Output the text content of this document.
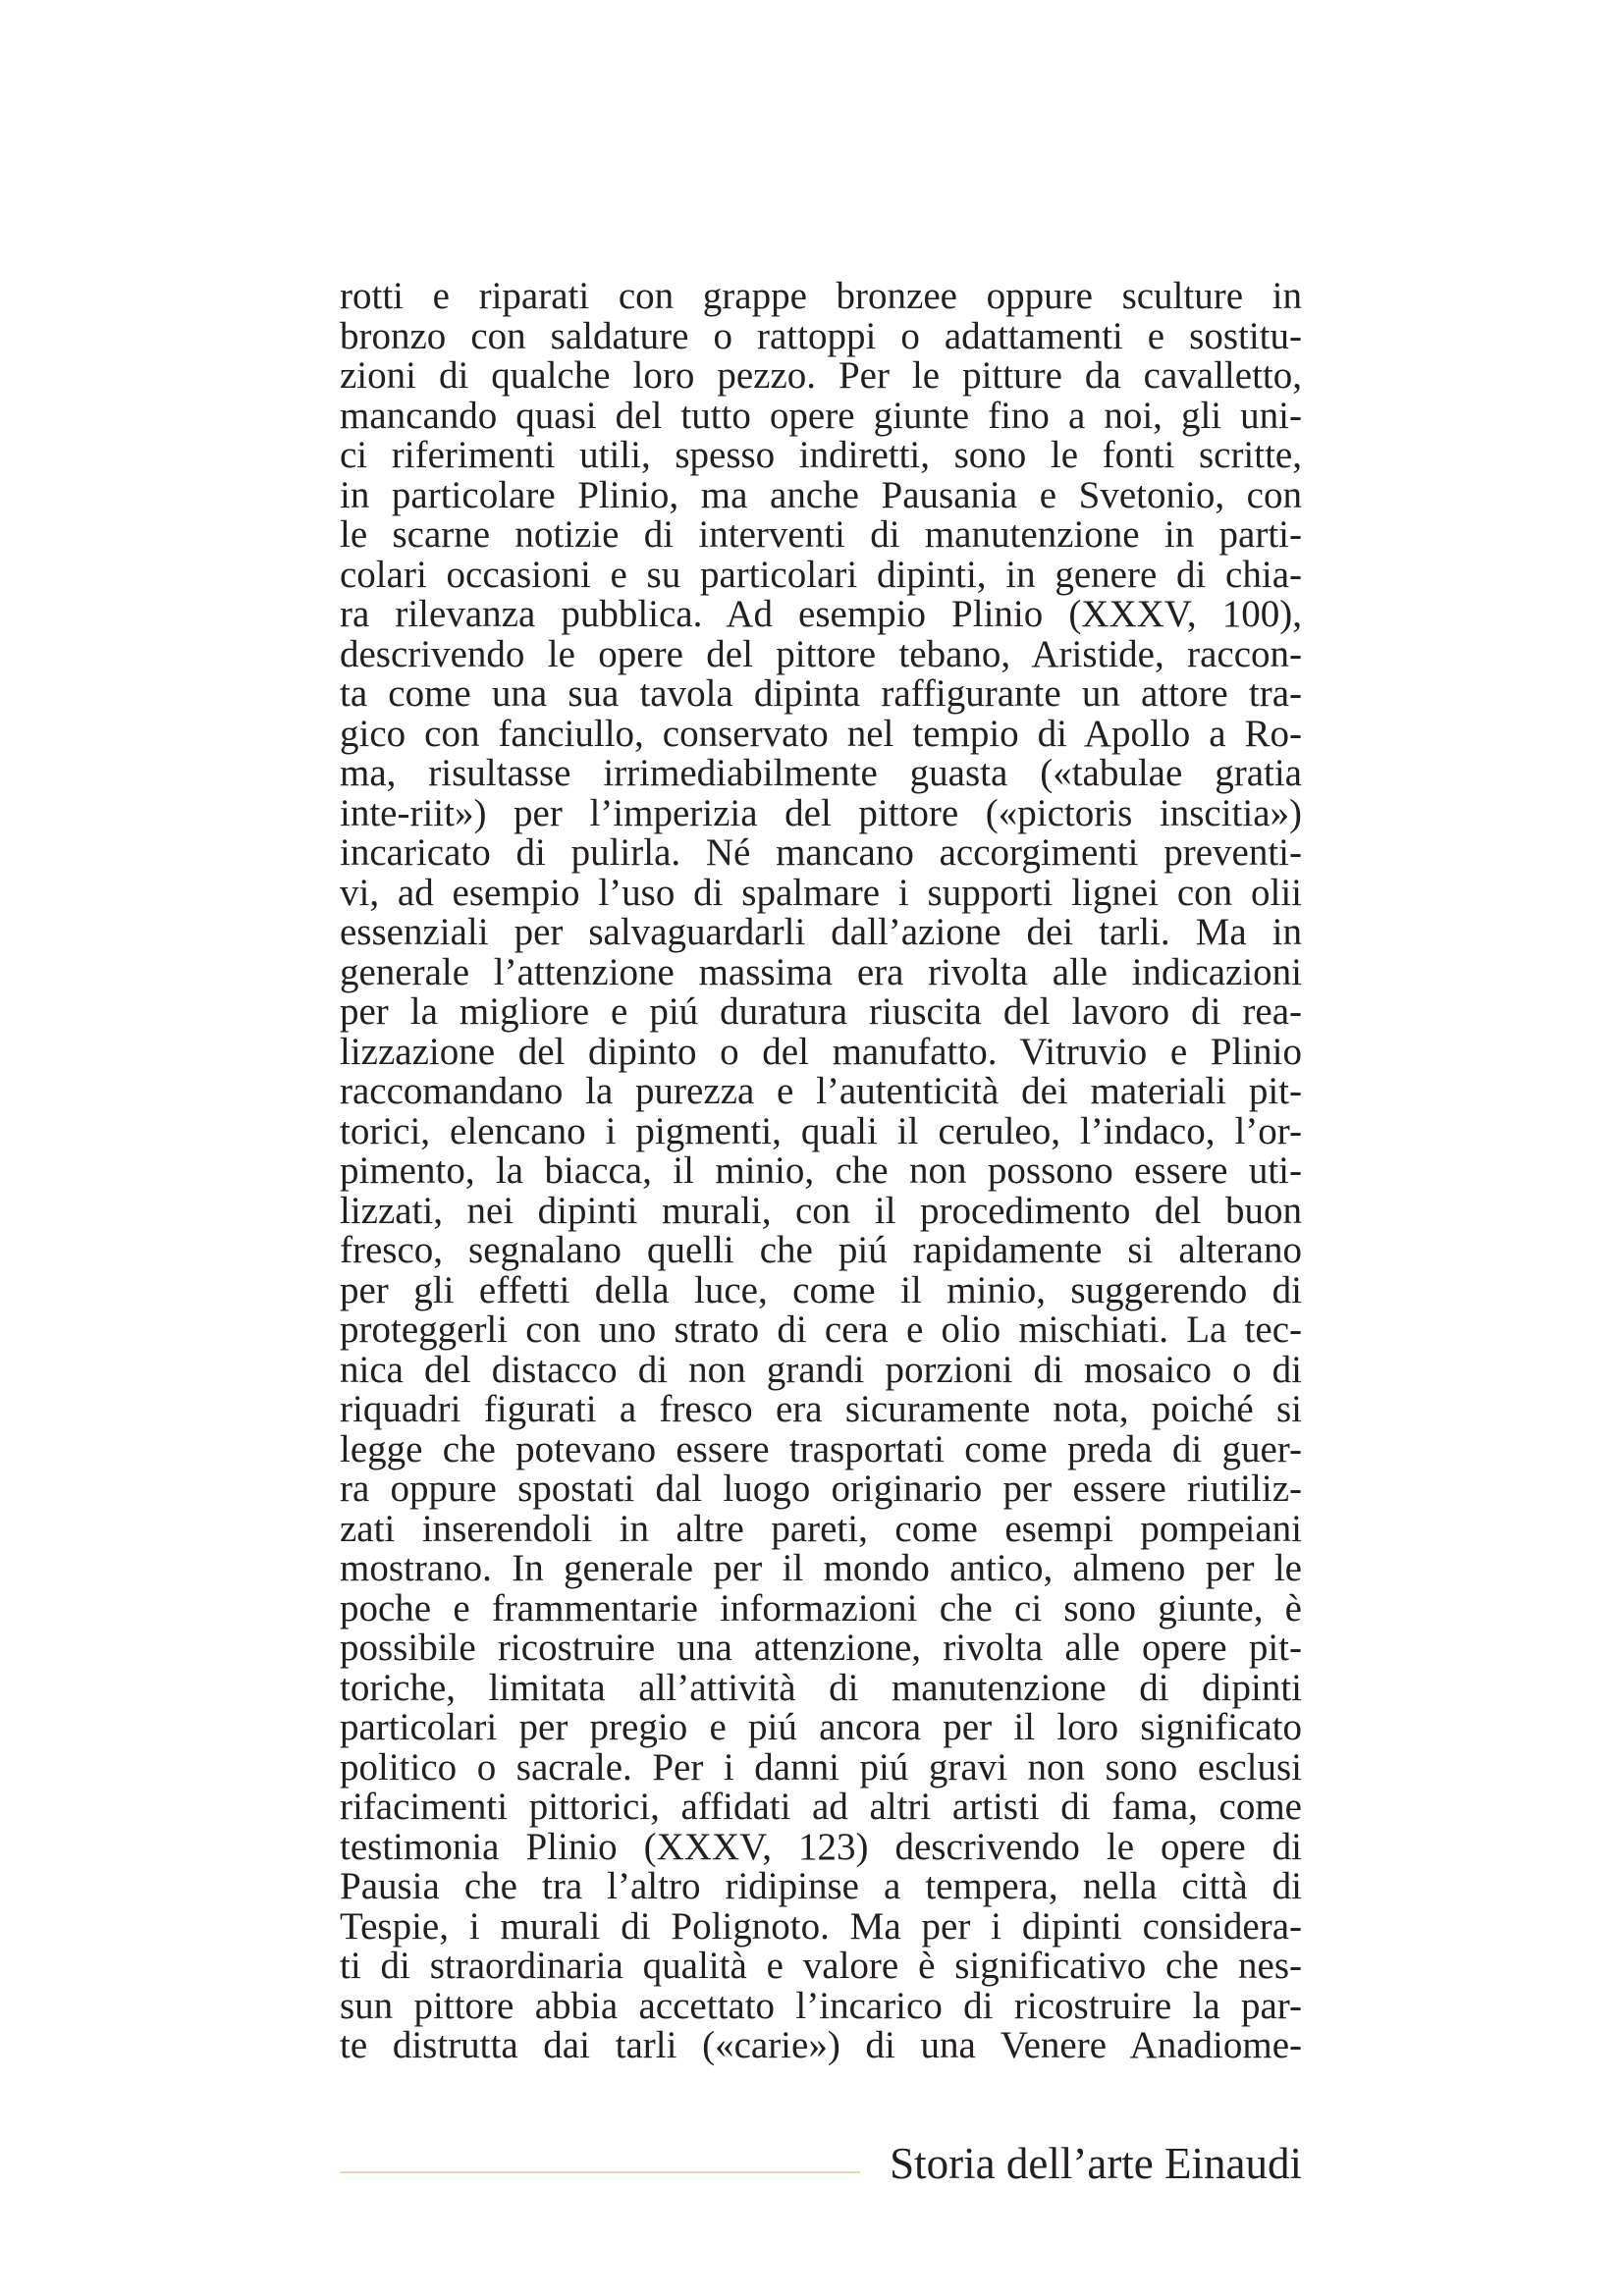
rotti e riparati con grappe bronzee oppure sculture in
bronzo con saldature o rattoppi o adattamenti e sostitu-
zioni di qualche loro pezzo. Per le pitture da cavalletto,
mancando quasi del tutto opere giunte fino a noi, gli uni-
ci riferimenti utili, spesso indiretti, sono le fonti scritte,
in particolare Plinio, ma anche Pausania e Svetonio, con
le scarne notizie di interventi di manutenzione in parti-
colari occasioni e su particolari dipinti, in genere di chia-
ra rilevanza pubblica. Ad esempio Plinio (XXXV, 100),
descrivendo le opere del pittore tebano, Aristide, raccon-
ta come una sua tavola dipinta raffigurante un attore tra-
gico con fanciullo, conservato nel tempio di Apollo a Ro-
ma, risultasse irrimediabilmente guasta («tabulae gratia
inte-riit») per l’imperizia del pittore («pictoris inscitia»)
incaricato di pulirla. Né mancano accorgimenti preventi-
vi, ad esempio l’uso di spalmare i supporti lignei con olii
essenziali per salvaguardarli dall’azione dei tarli. Ma in
generale l’attenzione massima era rivolta alle indicazioni
per la migliore e piú duratura riuscita del lavoro di rea-
lizzazione del dipinto o del manufatto. Vitruvio e Plinio
raccomandano la purezza e l’autenticità dei materiali pit-
torici, elencano i pigmenti, quali il ceruleo, l’indaco, l’or-
pimento, la biacca, il minio, che non possono essere uti-
lizzati, nei dipinti murali, con il procedimento del buon
fresco, segnalano quelli che piú rapidamente si alterano
per gli effetti della luce, come il minio, suggerendo di
proteggerli con uno strato di cera e olio mischiati. La tec-
nica del distacco di non grandi porzioni di mosaico o di
riquadri figurati a fresco era sicuramente nota, poiché si
legge che potevano essere trasportati come preda di guer-
ra oppure spostati dal luogo originario per essere riutiliz-
zati inserendoli in altre pareti, come esempi pompeiani
mostrano. In generale per il mondo antico, almeno per le
poche e frammentarie informazioni che ci sono giunte, è
possibile ricostruire una attenzione, rivolta alle opere pit-
toriche, limitata all’attività di manutenzione di dipinti
particolari per pregio e piú ancora per il loro significato
politico o sacrale. Per i danni piú gravi non sono esclusi
rifacimenti pittorici, affidati ad altri artisti di fama, come
testimonia Plinio (XXXV, 123) descrivendo le opere di
Pausia che tra l’altro ridipinse a tempera, nella città di
Tespie, i murali di Polignoto. Ma per i dipinti considera-
ti di straordinaria qualità e valore è significativo che nes-
sun pittore abbia accettato l’incarico di ricostruire la par-
te distrutta dai tarli («carie») di una Venere Anadiome-
Storia dell’arte Einaudi
